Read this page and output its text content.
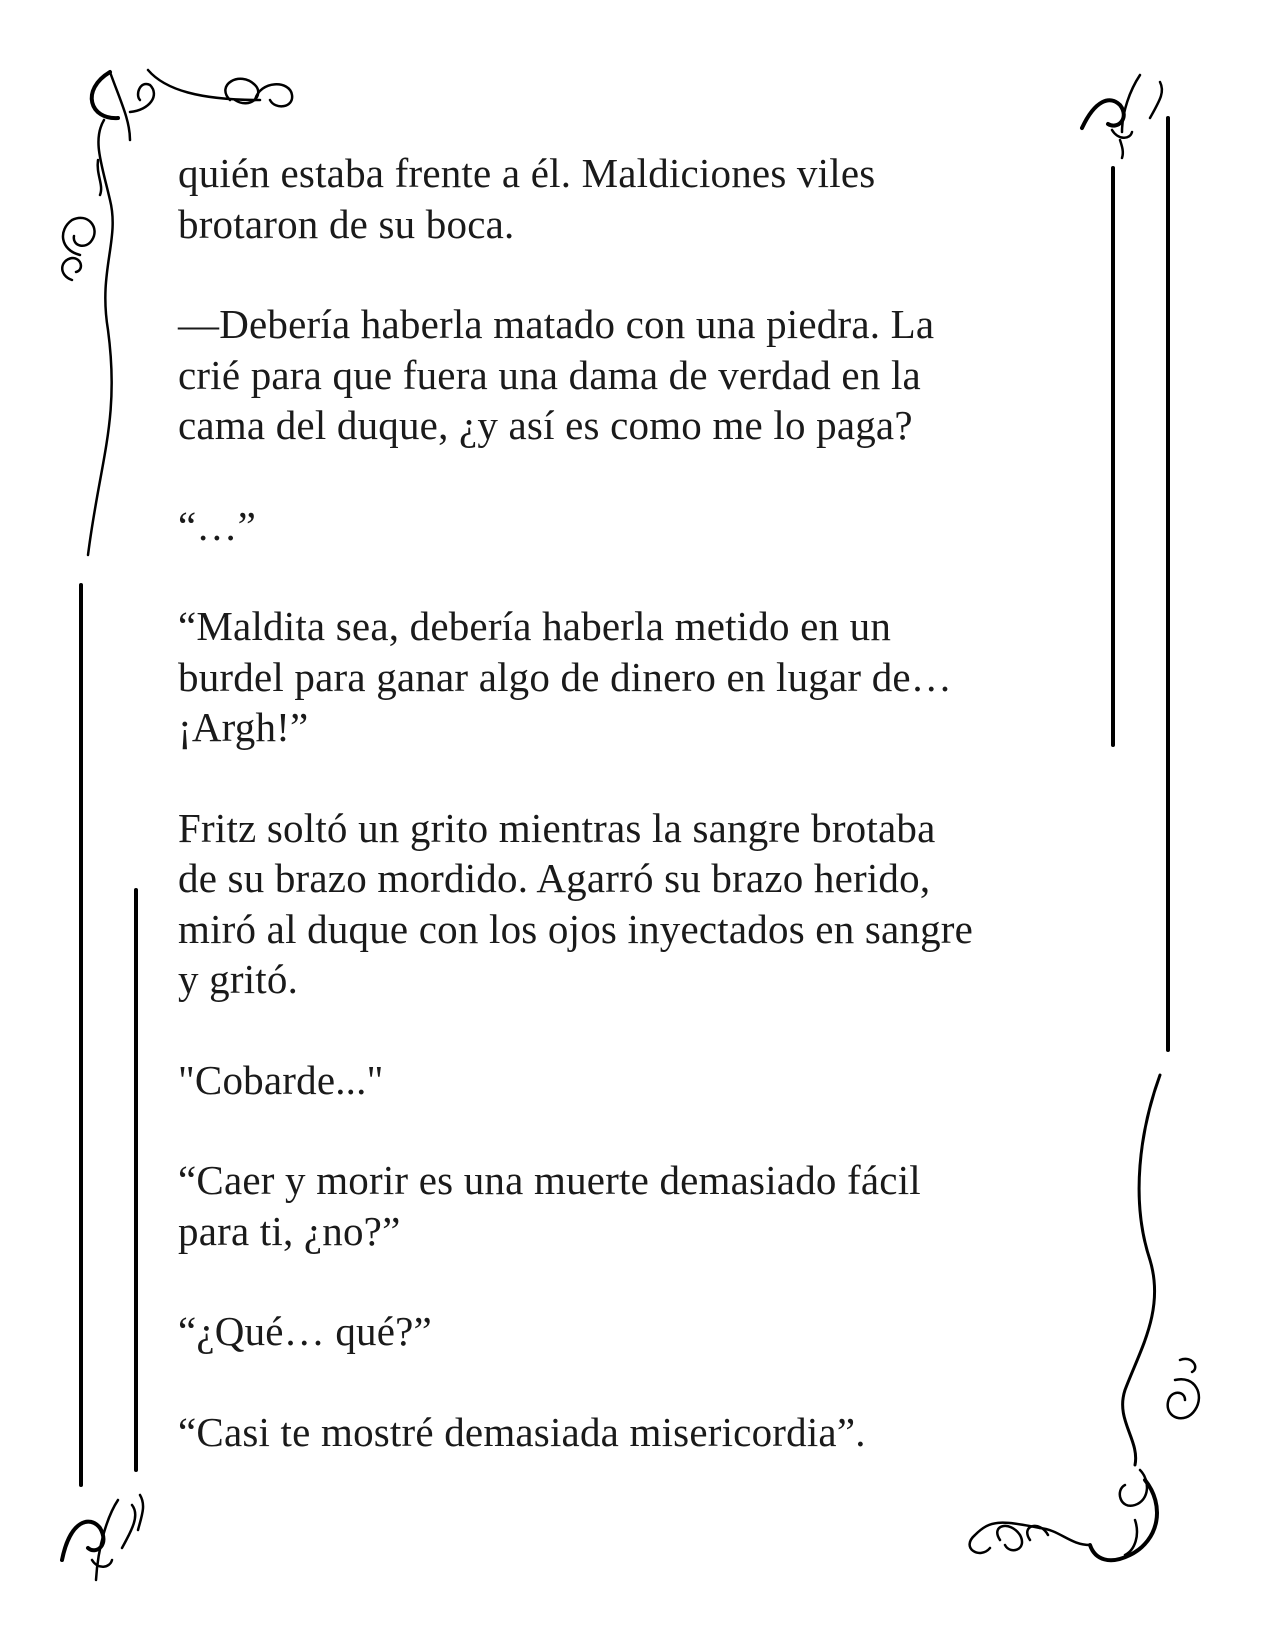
quién estaba frente a él. Maldiciones viles
brotaron de su boca.

—Debería haberla matado con una piedra. La
crié para que fuera una dama de verdad en la
cama del duque, ¿y así es como me lo paga?

“…”

“Maldita sea, debería haberla metido en un
burdel para ganar algo de dinero en lugar de…
¡Argh!”

Fritz soltó un grito mientras la sangre brotaba
de su brazo mordido. Agarró su brazo herido,
miró al duque con los ojos inyectados en sangre
y gritó.

"Cobarde..."

“Caer y morir es una muerte demasiado fácil
para ti, ¿no?”

“¿Qué… qué?”

“Casi te mostré demasiada misericordia”.
